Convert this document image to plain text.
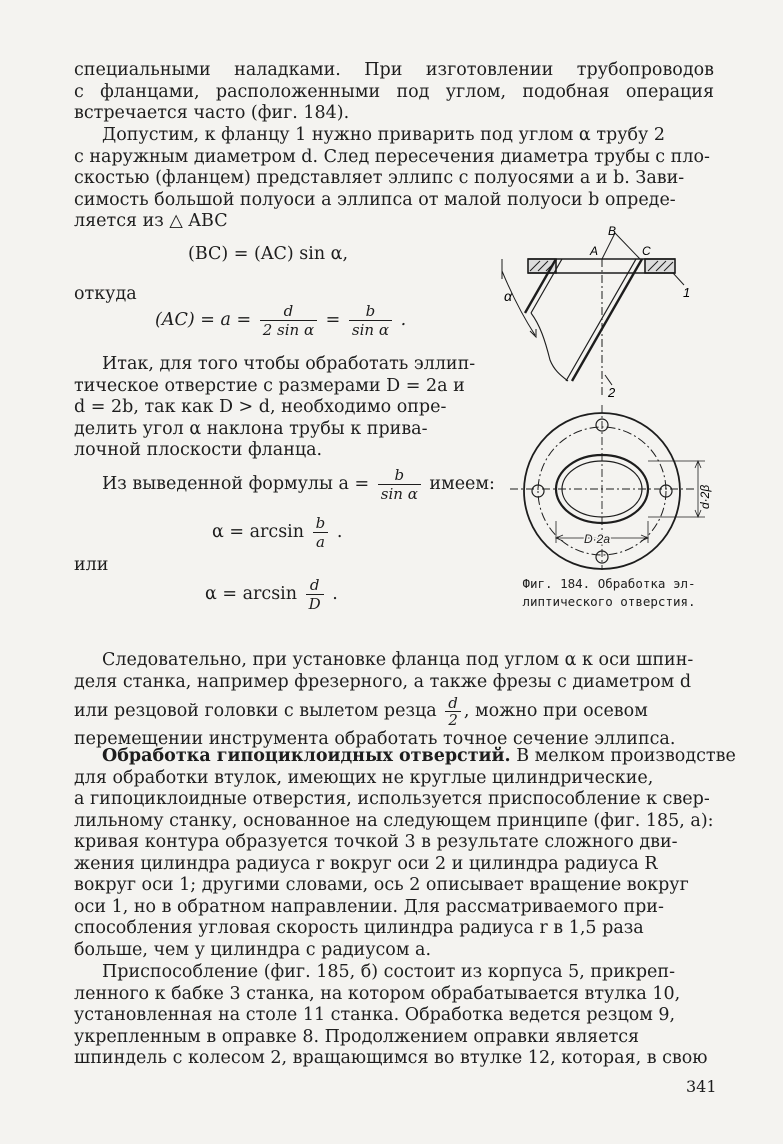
специальными наладками. При изготовлении трубопроводов
с фланцами, расположенными под углом, подобная операция
встречается часто (фиг. 184).
Допустим, к фланцу 1 нужно приварить под углом α трубу 2
с наружным диаметром d. След пересечения диаметра трубы с пло-
скостью (фланцем) представляет эллипс с полуосями a и b. Зави-
симость большой полуоси a эллипса от малой полуоси b опреде-
ляется из △ ABC
(BC) = (AC) sin α,
откуда
$(AC) = a = \frac{d}{\text{2 sin α}} = \frac{b}{\text{sin α}}$ .
Итак, для того чтобы обработать эллип-
тическое отверстие с размерами D = 2a и
d = 2b, так как D > d, необходимо опре-
делить угол α наклона трубы к прива-
лочной плоскости фланца.
Из выведенной формулы $a = \frac{b}{\text{sin α}}$ имеем:
$\alpha = \arcsin \frac{b}{a}$ .
или
$\alpha = \arcsin \frac{d}{D}$ .
B
A	C
α	1
2
d·2β
D·2a
Фиг. 184. Обработка эл-
липтического отверстия.
Следовательно, при установке фланца под углом α к оси шпин-
деля станка, например фрезерного, а также фрезы с диаметром d
или резцовой головки с вылетом резца $\frac{d}{2}$ , можно при осевом
перемещении инструмента обработать точное сечение эллипса.
Обработка гипоциклоидных отверстий. В мелком производстве
для обработки втулок, имеющих не круглые цилиндрические,
а гипоциклоидные отверстия, используется приспособление к свер-
лильному станку, основанное на следующем принципе (фиг. 185, a):
кривая контура образуется точкой 3 в результате сложного дви-
жения цилиндра радиуса r вокруг оси 2 и цилиндра радиуса R
вокруг оси 1; другими словами, ось 2 описывает вращение вокруг
оси 1, но в обратном направлении. Для рассматриваемого при-
способления угловая скорость цилиндра радиуса r в 1,5 раза
больше, чем у цилиндра с радиусом a.
Приспособление (фиг. 185, б) состоит из корпуса 5, прикреп-
ленного к бабке 3 станка, на котором обрабатывается втулка 10,
установленная на столе 11 станка. Обработка ведется резцом 9,
укрепленным в оправке 8. Продолжением оправки является
шпиндель с колесом 2, вращающимся во втулке 12, которая, в свою
341
